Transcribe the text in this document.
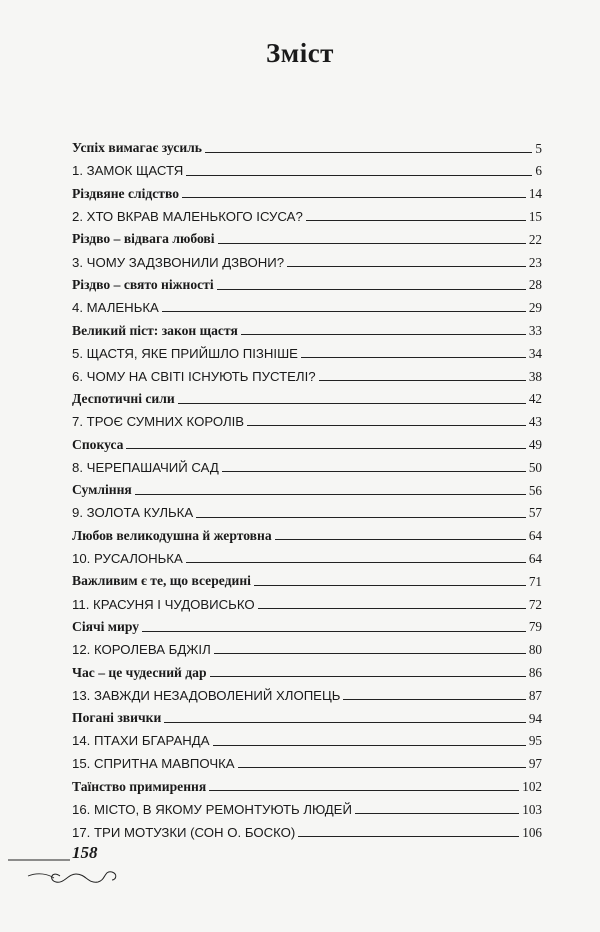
Зміст
Успіх вимагає зусиль	5
1. ЗАМОК ЩАСТЯ	6
Різдвяне слідство	14
2. ХТО ВКРАВ МАЛЕНЬКОГО ІСУСА?	15
Різдво – відвага любові	22
3. ЧОМУ ЗАДЗВОНИЛИ ДЗВОНИ?	23
Різдво – свято ніжності	28
4. МАЛЕНЬКА	29
Великий піст: закон щастя	33
5. ЩАСТЯ, ЯКЕ ПРИЙШЛО ПІЗНІШЕ	34
6. ЧОМУ НА СВІТІ ІСНУЮТЬ ПУСТЕЛІ?	38
Деспотичні сили	42
7. ТРОЄ СУМНИХ КОРОЛІВ	43
Спокуса	49
8. ЧЕРЕПАШАЧИЙ САД	50
Сумління	56
9. ЗОЛОТА КУЛЬКА	57
Любов великодушна й жертовна	64
10. РУСАЛОНЬКА	64
Важливим є те, що всередині	71
11. КРАСУНЯ І ЧУДОВИСЬКО	72
Сіячі миру	79
12. КОРОЛЕВА БДЖІЛ	80
Час – це чудесний дар	86
13. ЗАВЖДИ НЕЗАДОВОЛЕНИЙ ХЛОПЕЦЬ	87
Погані звички	94
14. ПТАХИ БГАРАНДА	95
15. СПРИТНА МАВПОЧКА	97
Таїнство примирення	102
16. МІСТО, В ЯКОМУ РЕМОНТУЮТЬ ЛЮДЕЙ	103
17. ТРИ МОТУЗКИ (СОН О. БОСКО)	106
158
